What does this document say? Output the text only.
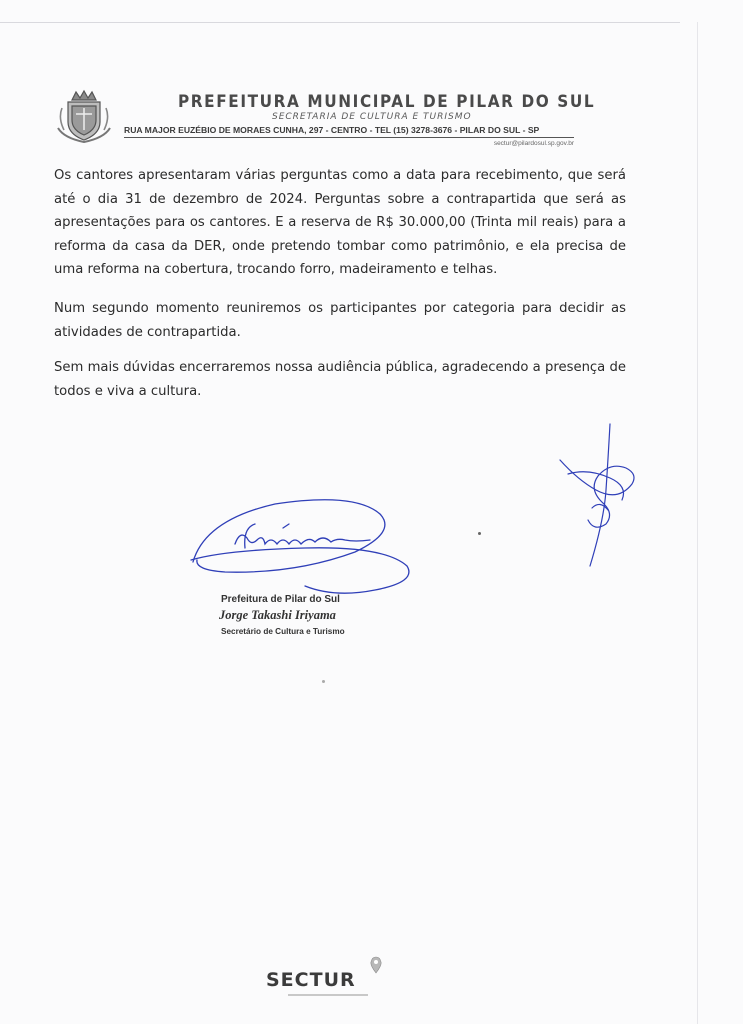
PREFEITURA MUNICIPAL DE PILAR DO SUL
SECRETARIA DE CULTURA E TURISMO
RUA MAJOR EUZÉBIO DE MORAES CUNHA, 297 - CENTRO - TEL (15) 3278-3676 - PILAR DO SUL - SP
sectur@pilardosul.sp.gov.br

Os cantores apresentaram várias perguntas como a data para recebimento, que será até o dia 31 de dezembro de 2024. Perguntas sobre a contrapartida que será as apresentações para os cantores. E a reserva de R$ 30.000,00 (Trinta mil reais) para a reforma da casa da DER, onde pretendo tombar como patrimônio, e ela precisa de uma reforma na cobertura, trocando forro, madeiramento e telhas.

Num segundo momento reuniremos os participantes por categoria para decidir as atividades de contrapartida.

Sem mais dúvidas encerraremos nossa audiência pública, agradecendo a presença de todos e viva a cultura.

Prefeitura de Pilar do Sul
Jorge Takashi Iriyama
Secretário de Cultura e Turismo
SECTUR
